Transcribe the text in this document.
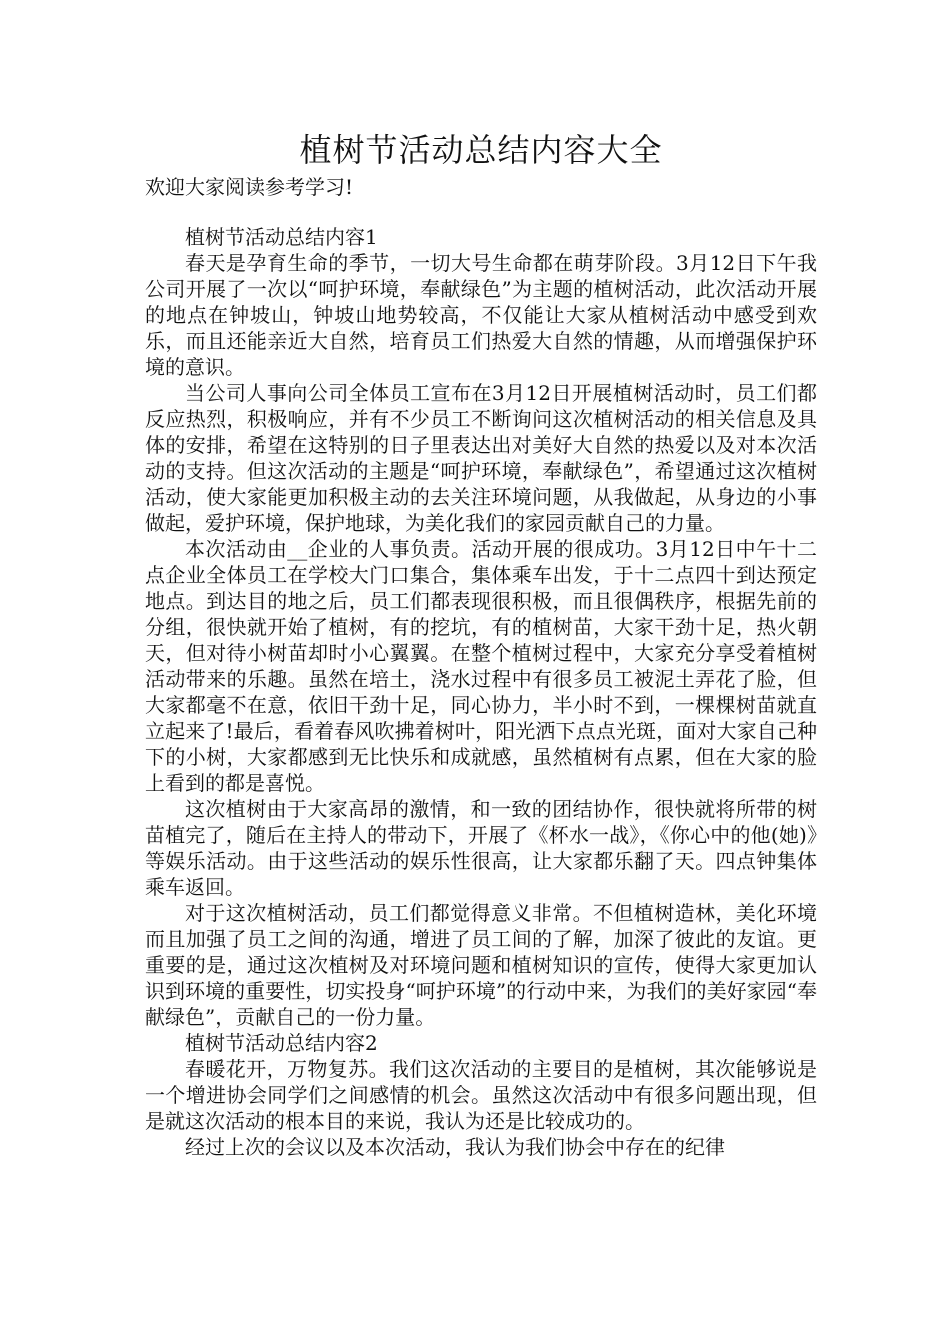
植树节活动总结内容大全

欢迎大家阅读参考学习!

植树节活动总结内容1

春天是孕育生命的季节，一切大号生命都在萌芽阶段。3月12日下午我公司开展了一次以“呵护环境，奉献绿色”为主题的植树活动，此次活动开展的地点在钟坡山，钟坡山地势较高，不仅能让大家从植树活动中感受到欢乐，而且还能亲近大自然，培育员工们热爱大自然的情趣，从而增强保护环境的意识。

当公司人事向公司全体员工宣布在3月12日开展植树活动时，员工们都反应热烈，积极响应，并有不少员工不断询问这次植树活动的相关信息及具体的安排，希望在这特别的日子里表达出对美好大自然的热爱以及对本次活动的支持。但这次活动的主题是“呵护环境，奉献绿色”，希望通过这次植树活动，使大家能更加积极主动的去关注环境问题，从我做起，从身边的小事做起，爱护环境，保护地球，为美化我们的家园贡献自己的力量。

本次活动由__企业的人事负责。活动开展的很成功。3月12日中午十二点企业全体员工在学校大门口集合，集体乘车出发，于十二点四十到达预定地点。到达目的地之后，员工们都表现很积极，而且很偶秩序，根据先前的分组，很快就开始了植树，有的挖坑，有的植树苗，大家干劲十足，热火朝天，但对待小树苗却时小心翼翼。在整个植树过程中，大家充分享受着植树活动带来的乐趣。虽然在培土，浇水过程中有很多员工被泥土弄花了脸，但大家都毫不在意，依旧干劲十足，同心协力，半小时不到，一棵棵树苗就直立起来了!最后，看着春风吹拂着树叶，阳光洒下点点光斑，面对大家自己种下的小树，大家都感到无比快乐和成就感，虽然植树有点累，但在大家的脸上看到的都是喜悦。

这次植树由于大家高昂的激情，和一致的团结协作，很快就将所带的树苗植完了，随后在主持人的带动下，开展了《杯水一战》，《你心中的他(她)》等娱乐活动。由于这些活动的娱乐性很高，让大家都乐翻了天。四点钟集体乘车返回。

对于这次植树活动，员工们都觉得意义非常。不但植树造林，美化环境而且加强了员工之间的沟通，增进了员工间的了解，加深了彼此的友谊。更重要的是，通过这次植树及对环境问题和植树知识的宣传，使得大家更加认识到环境的重要性，切实投身“呵护环境”的行动中来，为我们的美好家园“奉献绿色”，贡献自己的一份力量。

植树节活动总结内容2

春暖花开，万物复苏。我们这次活动的主要目的是植树，其次能够说是一个增进协会同学们之间感情的机会。虽然这次活动中有很多问题出现，但是就这次活动的根本目的来说，我认为还是比较成功的。

经过上次的会议以及本次活动，我认为我们协会中存在的纪律
